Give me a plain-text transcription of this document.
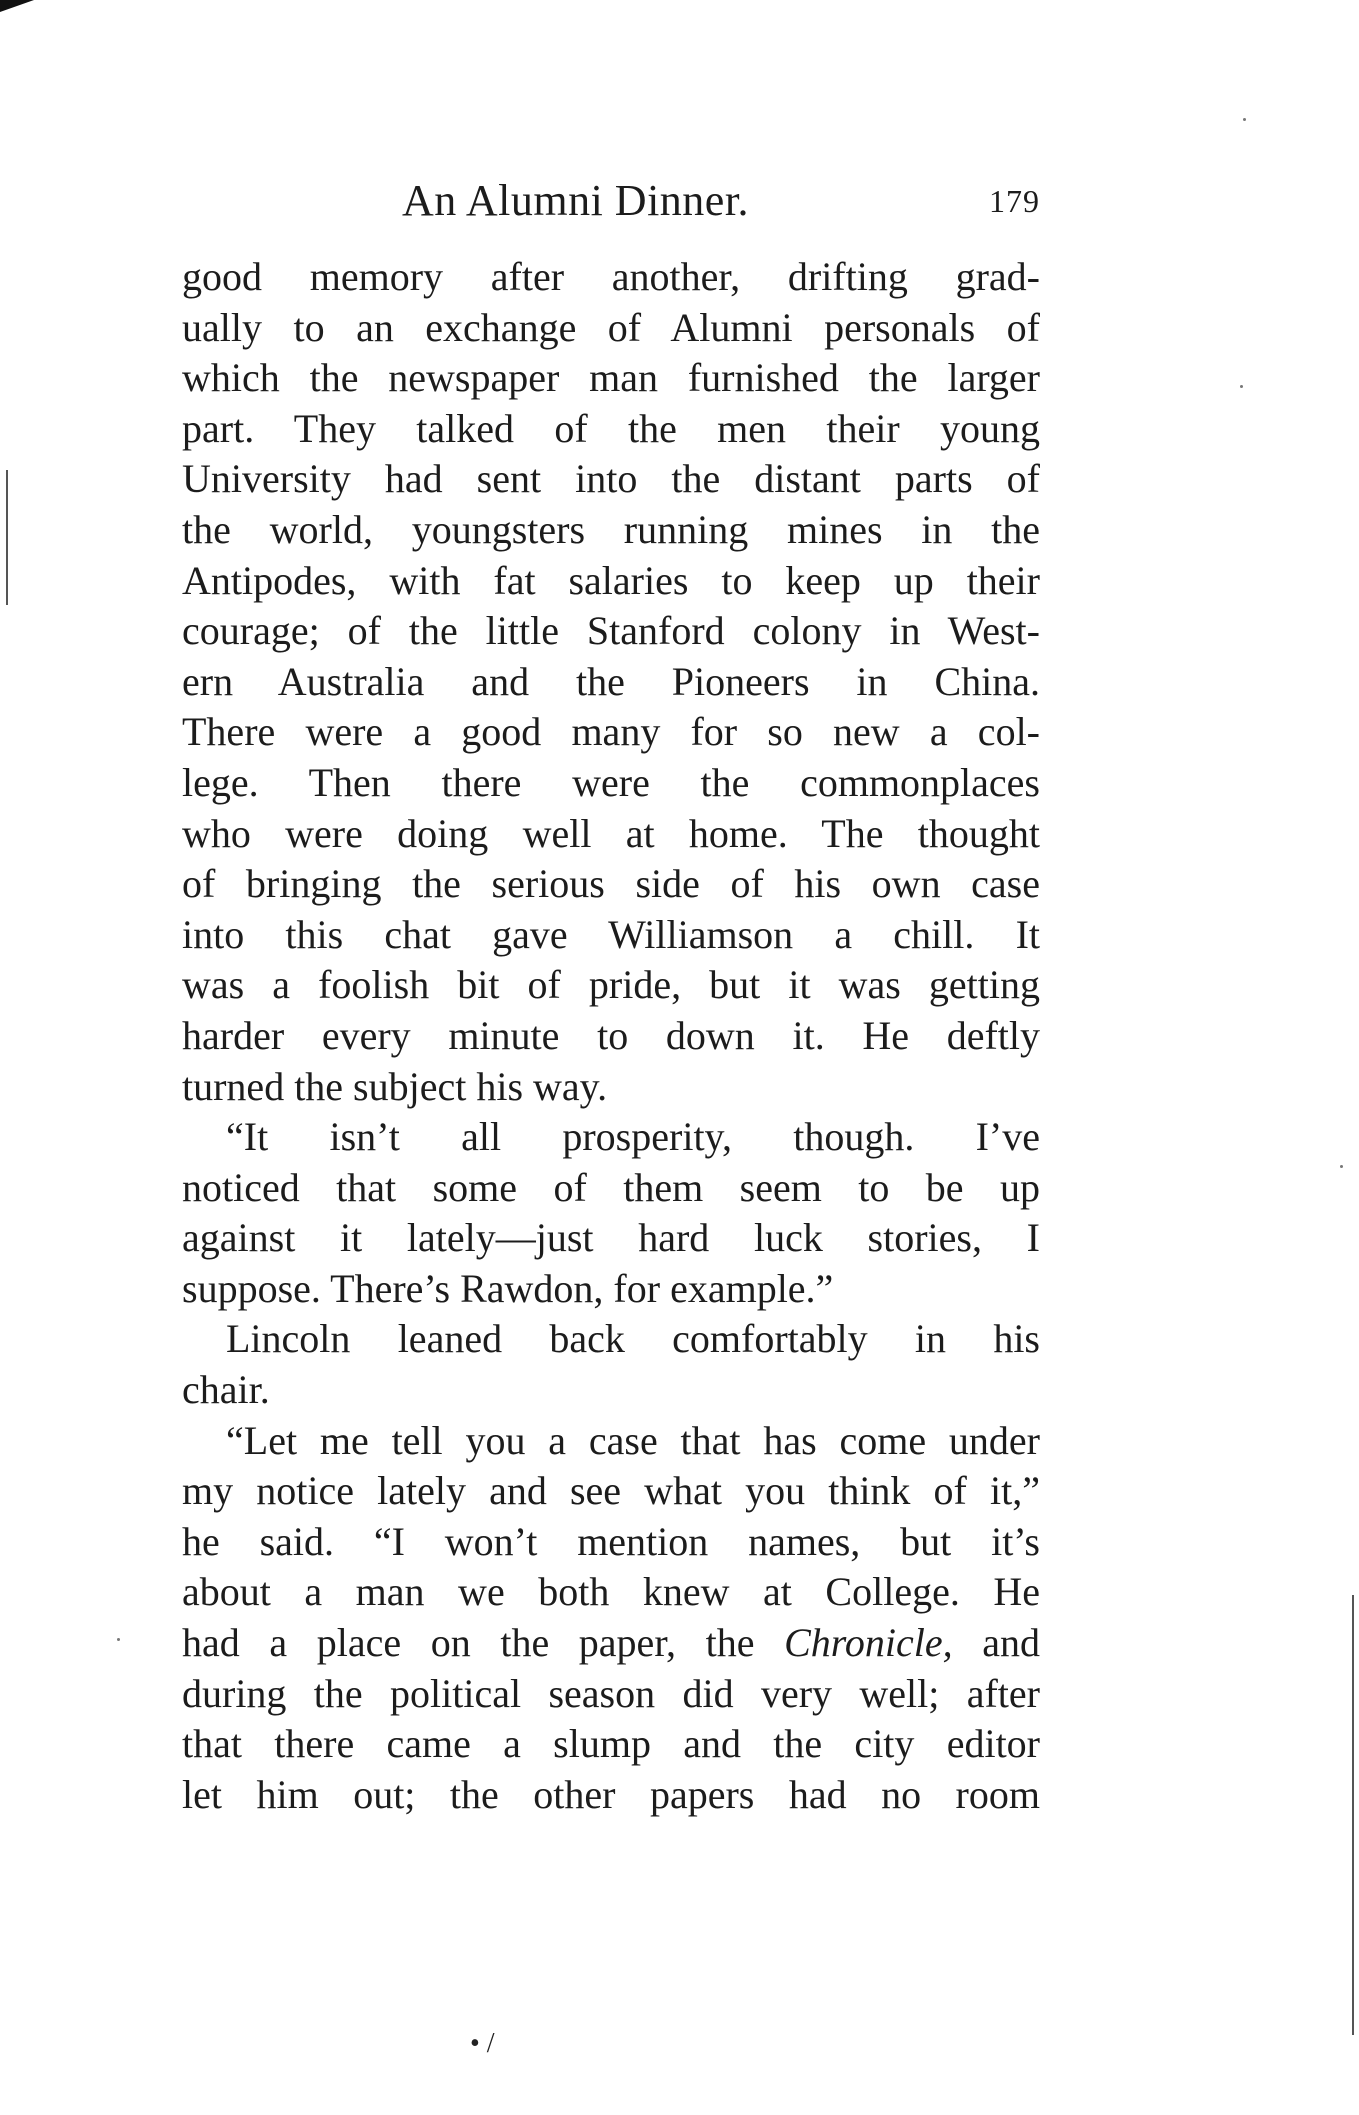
An Alumni Dinner.	179
good memory after another, drifting grad-
ually to an exchange of Alumni personals of
which the newspaper man furnished the larger
part. They talked of the men their young
University had sent into the distant parts of
the world, youngsters running mines in the
Antipodes, with fat salaries to keep up their
courage; of the little Stanford colony in West-
ern Australia and the Pioneers in China.
There were a good many for so new a col-
lege. Then there were the commonplaces
who were doing well at home. The thought
of bringing the serious side of his own case
into this chat gave Williamson a chill. It
was a foolish bit of pride, but it was getting
harder every minute to down it. He deftly
turned the subject his way.
“It isn’t all prosperity, though. I’ve
noticed that some of them seem to be up
against it lately—just hard luck stories, I
suppose. There’s Rawdon, for example.”
Lincoln leaned back comfortably in his
chair.
“Let me tell you a case that has come under
my notice lately and see what you think of it,”
he said. “I won’t mention names, but it’s
about a man we both knew at College. He
had a place on the paper, the Chronicle, and
during the political season did very well; after
that there came a slump and the city editor
let him out; the other papers had no room
• /
